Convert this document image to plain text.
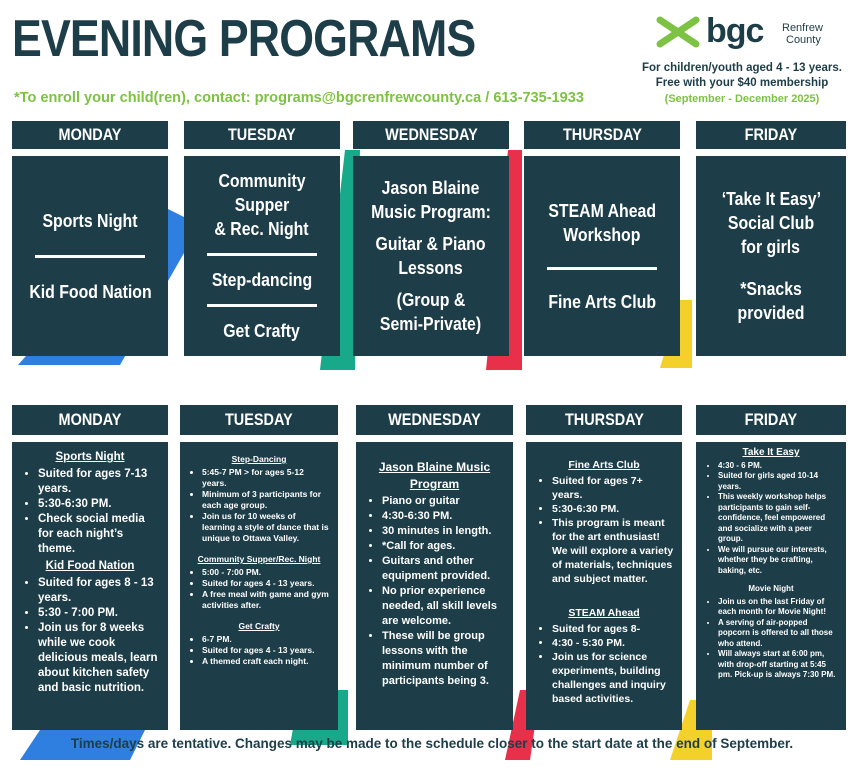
EVENING PROGRAMS
*To enroll your child(ren), contact: programs@bgcrenfrewcounty.ca / 613-735-1933
bgc Renfrew
County
For children/youth aged 4 - 13 years.
Free with your $40 membership
(September - December 2025)
MONDAY	TUESDAY	WEDNESDAY	THURSDAY	FRIDAY
Sports Night
Kid Food Nation
Community Supper
& Rec. Night
Step-dancing
Get Crafty
Jason Blaine
Music Program:
Guitar & Piano
Lessons
(Group &
Semi-Private)
STEAM Ahead
Workshop
Fine Arts Club
‘Take It Easy’
Social Club
for girls
*Snacks
provided
MONDAY	TUESDAY	WEDNESDAY	THURSDAY	FRIDAY
Sports Night
• Suited for ages 7-13 years.
• 5:30-6:30 PM.
• Check social media for each night’s theme.
Kid Food Nation
• Suited for ages 8 - 13 years.
• 5:30 - 7:00 PM.
• Join us for 8 weeks while we cook delicious meals, learn about kitchen safety and basic nutrition.
Step-Dancing
• 5:45-7 PM > for ages 5-12 years.
• Minimum of 3 participants for each age group.
• Join us for 10 weeks of learning a style of dance that is unique to Ottawa Valley.
Community Supper/Rec. Night
• 5:00 - 7:00 PM.
• Suited for ages 4 - 13 years.
• A free meal with game and gym activities after.
Get Crafty
• 6-7 PM.
• Suited for ages 4 - 13 years.
• A themed craft each night.
Jason Blaine Music
Program
• Piano or guitar
• 4:30-6:30 PM.
• 30 minutes in length.
• *Call for ages.
• Guitars and other equipment provided.
• No prior experience needed, all skill levels are welcome.
• These will be group lessons with the minimum number of participants being 3.
Fine Arts Club
• Suited for ages 7+ years.
• 5:30-6:30 PM.
• This program is meant for the art enthusiast! We will explore a variety of materials, techniques and subject matter.
STEAM Ahead
• Suited for ages 8-
• 4:30 - 5:30 PM.
• Join us for science experiments, building challenges and inquiry based activities.
Take It Easy
• 4:30 - 6 PM.
• Suited for girls aged 10-14 years.
• This weekly workshop helps participants to gain self-confidence, feel empowered and socialize with a peer group.
• We will pursue our interests, whether they be crafting, baking, etc.
Movie Night
• Join us on the last Friday of each month for Movie Night!
• A serving of air-popped popcorn is offered to all those who attend.
• Will always start at 6:00 pm, with drop-off starting at 5:45 pm. Pick-up is always 7:30 PM.
Times/days are tentative. Changes may be made to the schedule closer to the start date at the end of September.
